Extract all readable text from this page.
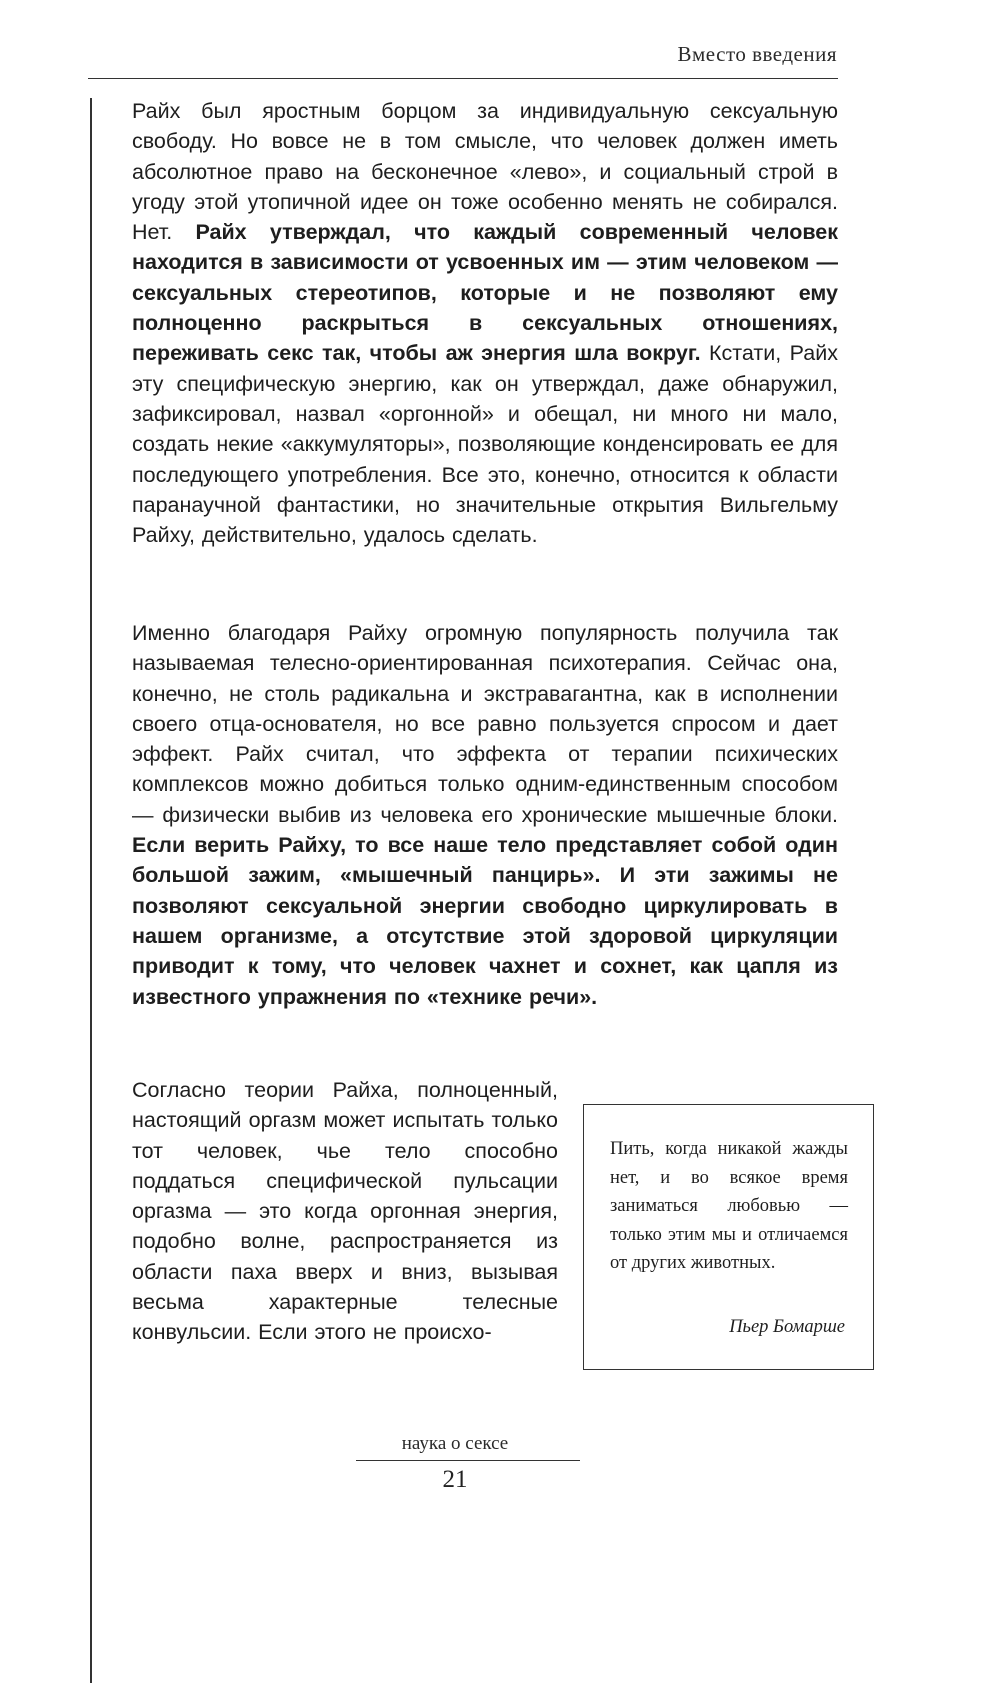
Вместо введения
Райх был яростным борцом за индивидуальную сексуальную свободу. Но вовсе не в том смысле, что человек должен иметь абсолютное право на бесконечное «лево», и социальный строй в угоду этой утопичной идее он тоже особенно менять не собирался. Нет. Райх утверждал, что каждый современный человек находится в зависимости от усвоенных им — этим человеком — сексуальных стереотипов, которые и не позволяют ему полноценно раскрыться в сексуальных отношениях, переживать секс так, чтобы аж энергия шла вокруг. Кстати, Райх эту специфическую энергию, как он утверждал, даже обнаружил, зафиксировал, назвал «оргонной» и обещал, ни много ни мало, создать некие «аккумуляторы», позволяющие конденсировать ее для последующего употребления. Все это, конечно, относится к области паранаучной фантастики, но значительные открытия Вильгельму Райху, действительно, удалось сделать.
Именно благодаря Райху огромную популярность получила так называемая телесно-ориентированная психотерапия. Сейчас она, конечно, не столь радикальна и экстравагантна, как в исполнении своего отца-основателя, но все равно пользуется спросом и дает эффект. Райх считал, что эффекта от терапии психических комплексов можно добиться только одним-единственным способом — физически выбив из человека его хронические мышечные блоки. Если верить Райху, то все наше тело представляет собой один большой зажим, «мышечный панцирь». И эти зажимы не позволяют сексуальной энергии свободно циркулировать в нашем организме, а отсутствие этой здоровой циркуляции приводит к тому, что человек чахнет и сохнет, как цапля из известного упражнения по «технике речи».
Согласно теории Райха, полноценный, настоящий оргазм может испытать только тот человек, чье тело способно поддаться специфической пульсации оргазма — это когда оргонная энергия, подобно волне, распространяется из области паха вверх и вниз, вызывая весьма характерные телесные конвульсии. Если этого не происхо-
Пить, когда никакой жажды нет, и во всякое время заниматься любовью — только этим мы и отличаемся от других животных.
Пьер Бомарше
наука о сексе
21
